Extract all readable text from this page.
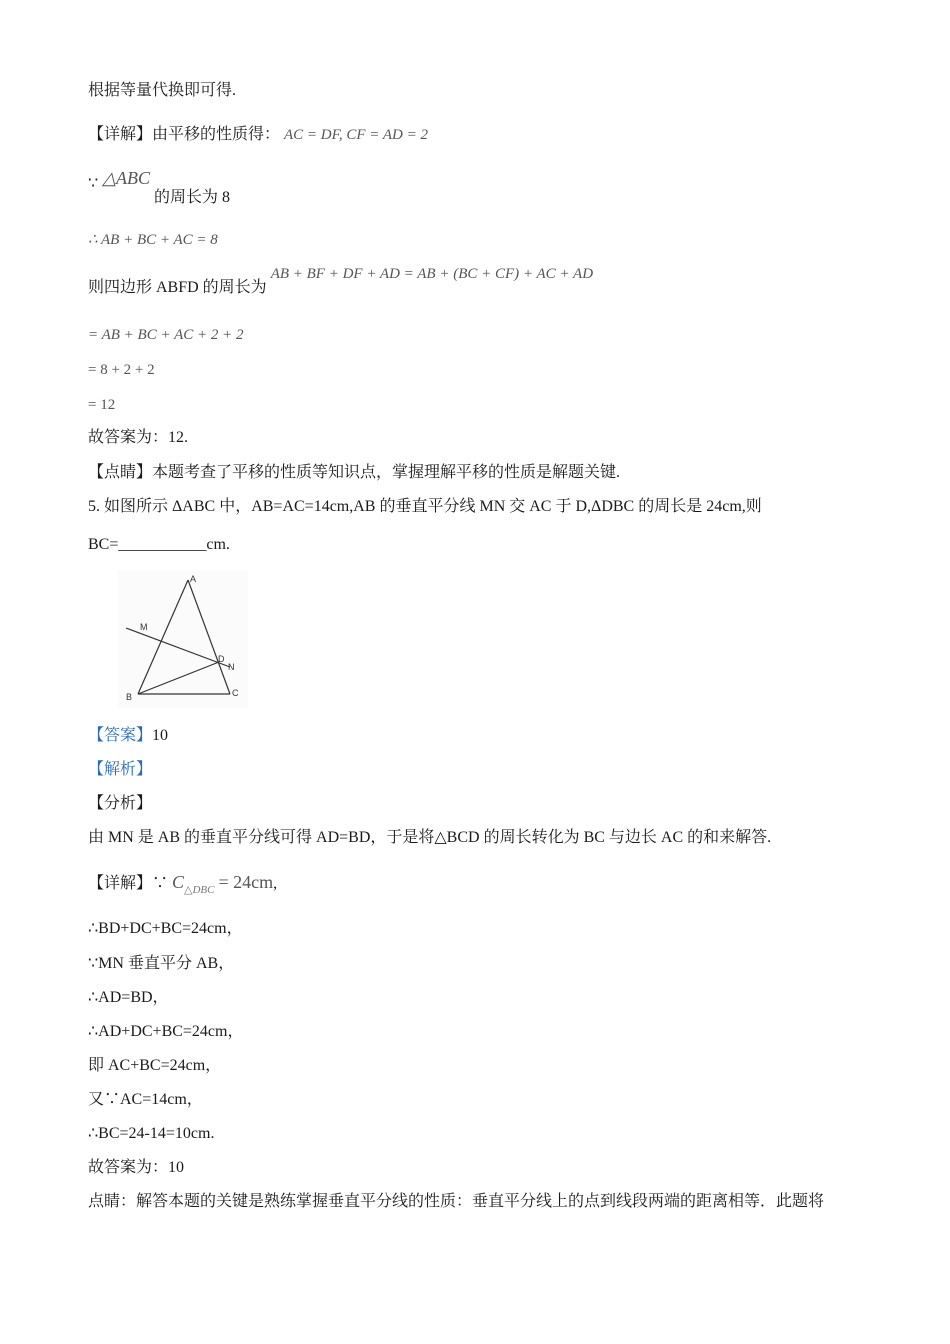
根据等量代换即可得.
【详解】由平移的性质得： AC = DF, CF = AD = 2
∵ △ABC 的周长为 8
∴ AB + BC + AC = 8
则四边形 ABFD 的周长为 AB + BF + DF + AD = AB + (BC + CF) + AC + AD
= AB + BC + AC + 2 + 2
= 8 + 2 + 2
= 12
故答案为：12.
【点睛】本题考查了平移的性质等知识点，掌握理解平移的性质是解题关键.
5. 如图所示 ΔABC 中，AB=AC=14cm,AB 的垂直平分线 MN 交 AC 于 D,ΔDBC 的周长是 24cm,则
BC=___________cm.
A
M
D
N
B	C
【答案】10
【解析】
【分析】
由 MN 是 AB 的垂直平分线可得 AD=BD，于是将△BCD 的周长转化为 BC 与边长 AC 的和来解答.
【详解】∵ $C_{\triangle DBC} = 24cm$,
∴BD+DC+BC=24cm，
∵MN 垂直平分 AB，
∴AD=BD，
∴AD+DC+BC=24cm，
即 AC+BC=24cm，
又∵AC=14cm，
∴BC=24-14=10cm.
故答案为：10
点睛：解答本题的关键是熟练掌握垂直平分线的性质：垂直平分线上的点到线段两端的距离相等．此题将
